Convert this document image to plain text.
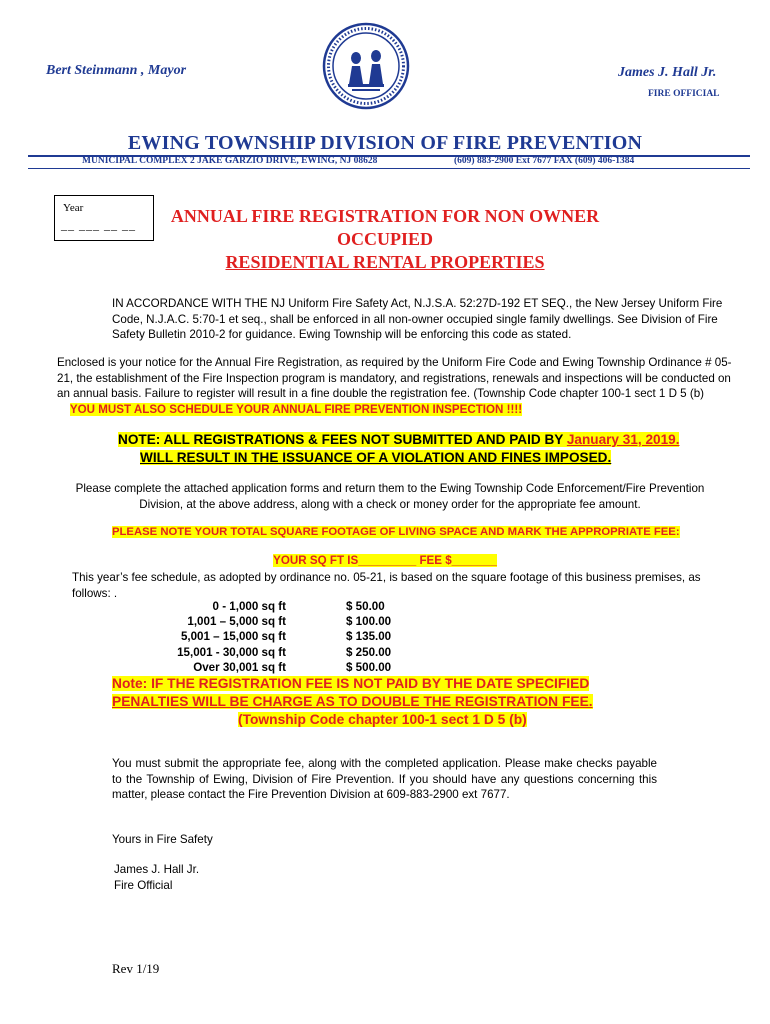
Bert Steinmann , Mayor	James J. Hall Jr.
FIRE OFFICIAL
EWING TOWNSHIP DIVISION OF FIRE PREVENTION
MUNICIPAL COMPLEX 2 JAKE GARZIO DRIVE, EWING, NJ 08628	(609) 883-2900 Ext 7677 FAX (609) 406-1384
Year
__ ___ __ __	ANNUAL FIRE REGISTRATION FOR NON OWNER
OCCUPIED
RESIDENTIAL RENTAL PROPERTIES
IN ACCORDANCE WITH THE NJ Uniform Fire Safety Act, N.J.S.A. 52:27D-192 ET SEQ., the New Jersey Uniform Fire Code, N.J.A.C. 5:70-1 et seq., shall be enforced in all non-owner occupied single family dwellings. See Division of Fire Safety Bulletin 2010-2 for guidance. Ewing Township will be enforcing this code as stated.
Enclosed is your notice for the Annual Fire Registration, as required by the Uniform Fire Code and Ewing Township Ordinance # 05-21, the establishment of the Fire Inspection program is mandatory, and registrations, renewals and inspections will be conducted on an annual basis. Failure to register will result in a fine double the registration fee. (Township Code chapter 100-1 sect 1 D 5 (b)     YOU MUST ALSO SCHEDULE YOUR ANNUAL FIRE PREVENTION INSPECTION !!!!
NOTE: ALL REGISTRATIONS & FEES NOT SUBMITTED AND PAID BY January 31, 2019.
WILL RESULT IN THE ISSUANCE OF A VIOLATION AND FINES IMPOSED.
Please complete the attached application forms and return them to the Ewing Township Code Enforcement/Fire Prevention Division, at the above address, along with a check or money order for the appropriate fee amount.
PLEASE NOTE YOUR TOTAL SQUARE FOOTAGE OF LIVING SPACE AND MARK THE APPROPRIATE FEE:
YOUR SQ FT IS_________ FEE $_______
This year’s fee schedule, as adopted by ordinance no. 05-21, is based on the square footage of this business premises, as follows: .
0 - 1,000 sq ft	$ 50.00
1,001 – 5,000 sq ft	$ 100.00
5,001 – 15,000 sq ft	$ 135.00
15,001 - 30,000 sq ft	$ 250.00
Over 30,001 sq ft	$ 500.00
Note: IF THE REGISTRATION FEE IS NOT PAID BY THE DATE SPECIFIED
PENALTIES WILL BE CHARGE AS TO DOUBLE THE REGISTRATION FEE.
(Township Code chapter 100-1 sect 1 D 5 (b)
You must submit the appropriate fee, along with the completed application. Please make checks payable to the Township of Ewing, Division of Fire Prevention. If you should have any questions concerning this matter, please contact the Fire Prevention Division at 609-883-2900 ext 7677.
Yours in Fire Safety
James J. Hall Jr.
Fire Official
Rev 1/19
